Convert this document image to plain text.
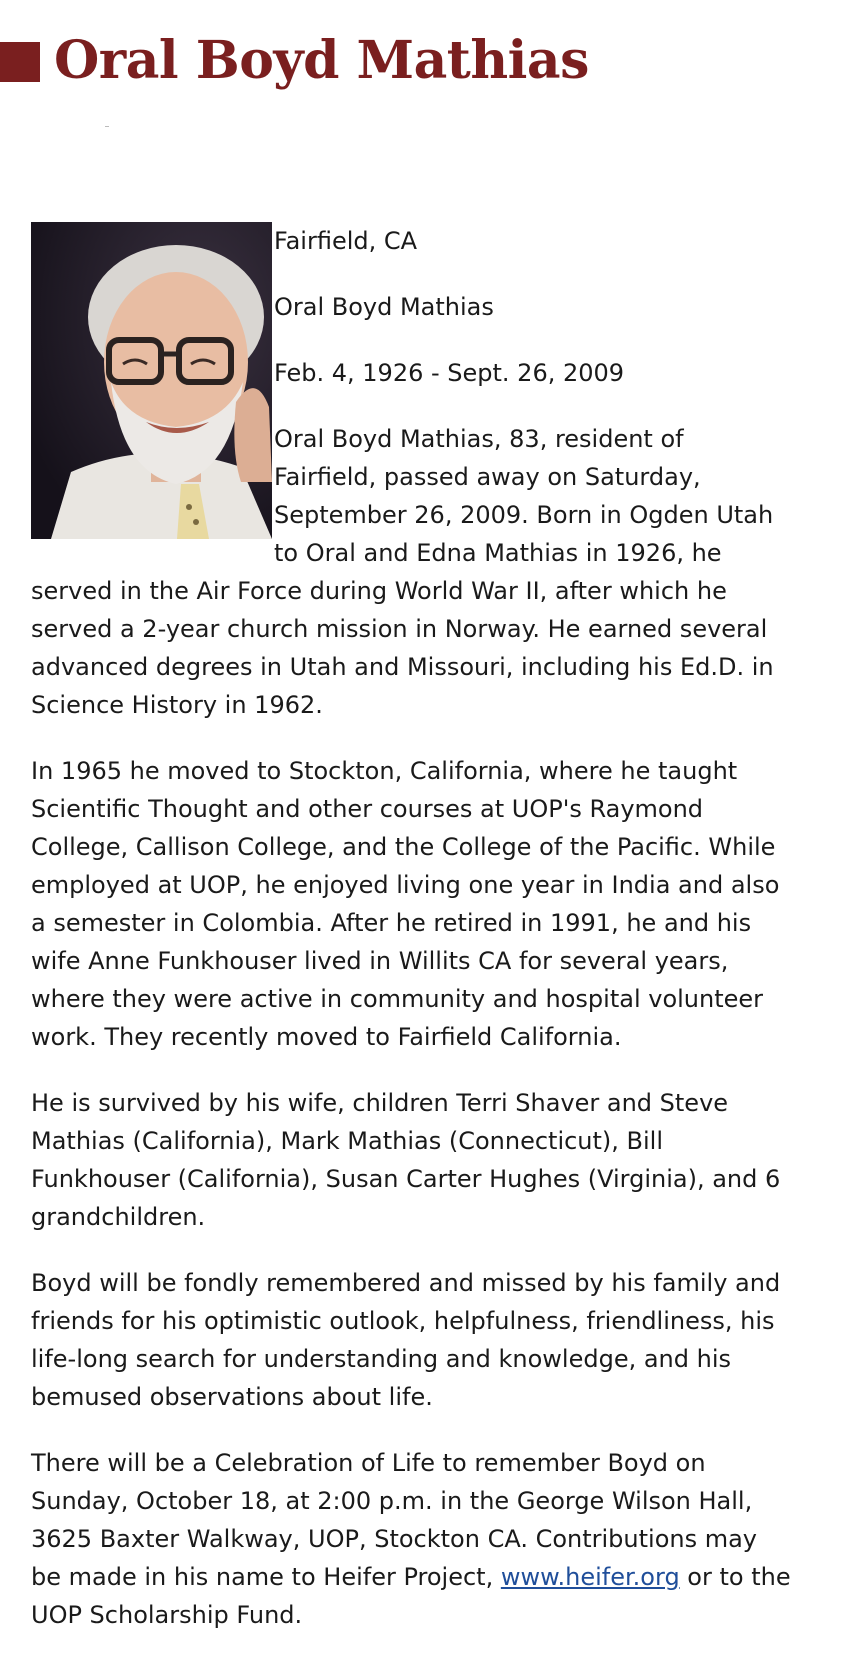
Oral Boyd Mathias

Fairfield, CA

Oral Boyd Mathias

Feb. 4, 1926 - Sept. 26, 2009

Oral Boyd Mathias, 83, resident of Fairfield, passed away on Saturday, September 26, 2009. Born in Ogden Utah to Oral and Edna Mathias in 1926, he served in the Air Force during World War II, after which he served a 2-year church mission in Norway. He earned several advanced degrees in Utah and Missouri, including his Ed.D. in Science History in 1962.

In 1965 he moved to Stockton, California, where he taught Scientific Thought and other courses at UOP's Raymond College, Callison College, and the College of the Pacific. While employed at UOP, he enjoyed living one year in India and also a semester in Colombia. After he retired in 1991, he and his wife Anne Funkhouser lived in Willits CA for several years, where they were active in community and hospital volunteer work. They recently moved to Fairfield California.

He is survived by his wife, children Terri Shaver and Steve Mathias (California), Mark Mathias (Connecticut), Bill Funkhouser (California), Susan Carter Hughes (Virginia), and 6 grandchildren.

Boyd will be fondly remembered and missed by his family and friends for his optimistic outlook, helpfulness, friendliness, his life-long search for understanding and knowledge, and his bemused observations about life.

There will be a Celebration of Life to remember Boyd on Sunday, October 18, at 2:00 p.m. in the George Wilson Hall, 3625 Baxter Walkway, UOP, Stockton CA. Contributions may be made in his name to Heifer Project, www.heifer.org or to the UOP Scholarship Fund.
